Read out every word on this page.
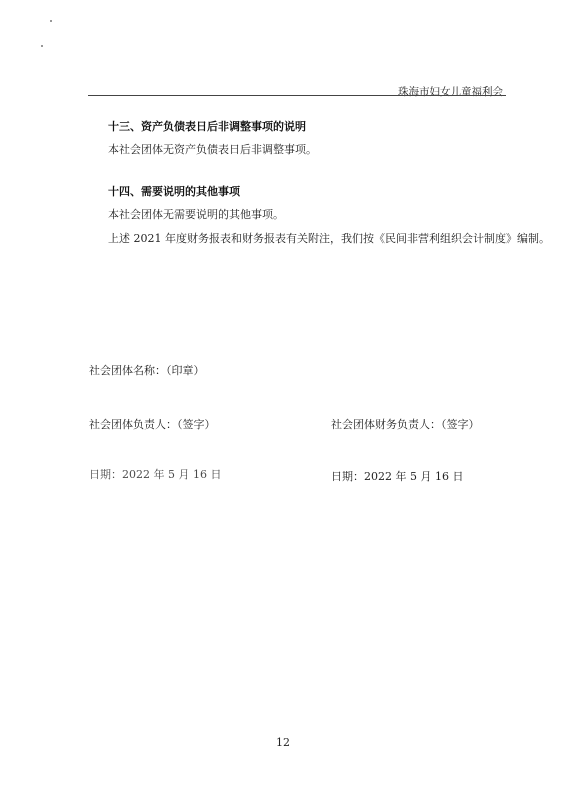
珠海市妇女儿童福利会
十三、资产负债表日后非调整事项的说明
本社会团体无资产负债表日后非调整事项。
十四、需要说明的其他事项
本社会团体无需要说明的其他事项。
上述 2021 年度财务报表和财务报表有关附注，我们按《民间非营利组织会计制度》编制。
社会团体名称：（印章）
社会团体负责人：（签字）	社会团体财务负责人：（签字）
日期：2022 年 5 月 16 日	日期：2022 年 5 月 16 日
12
